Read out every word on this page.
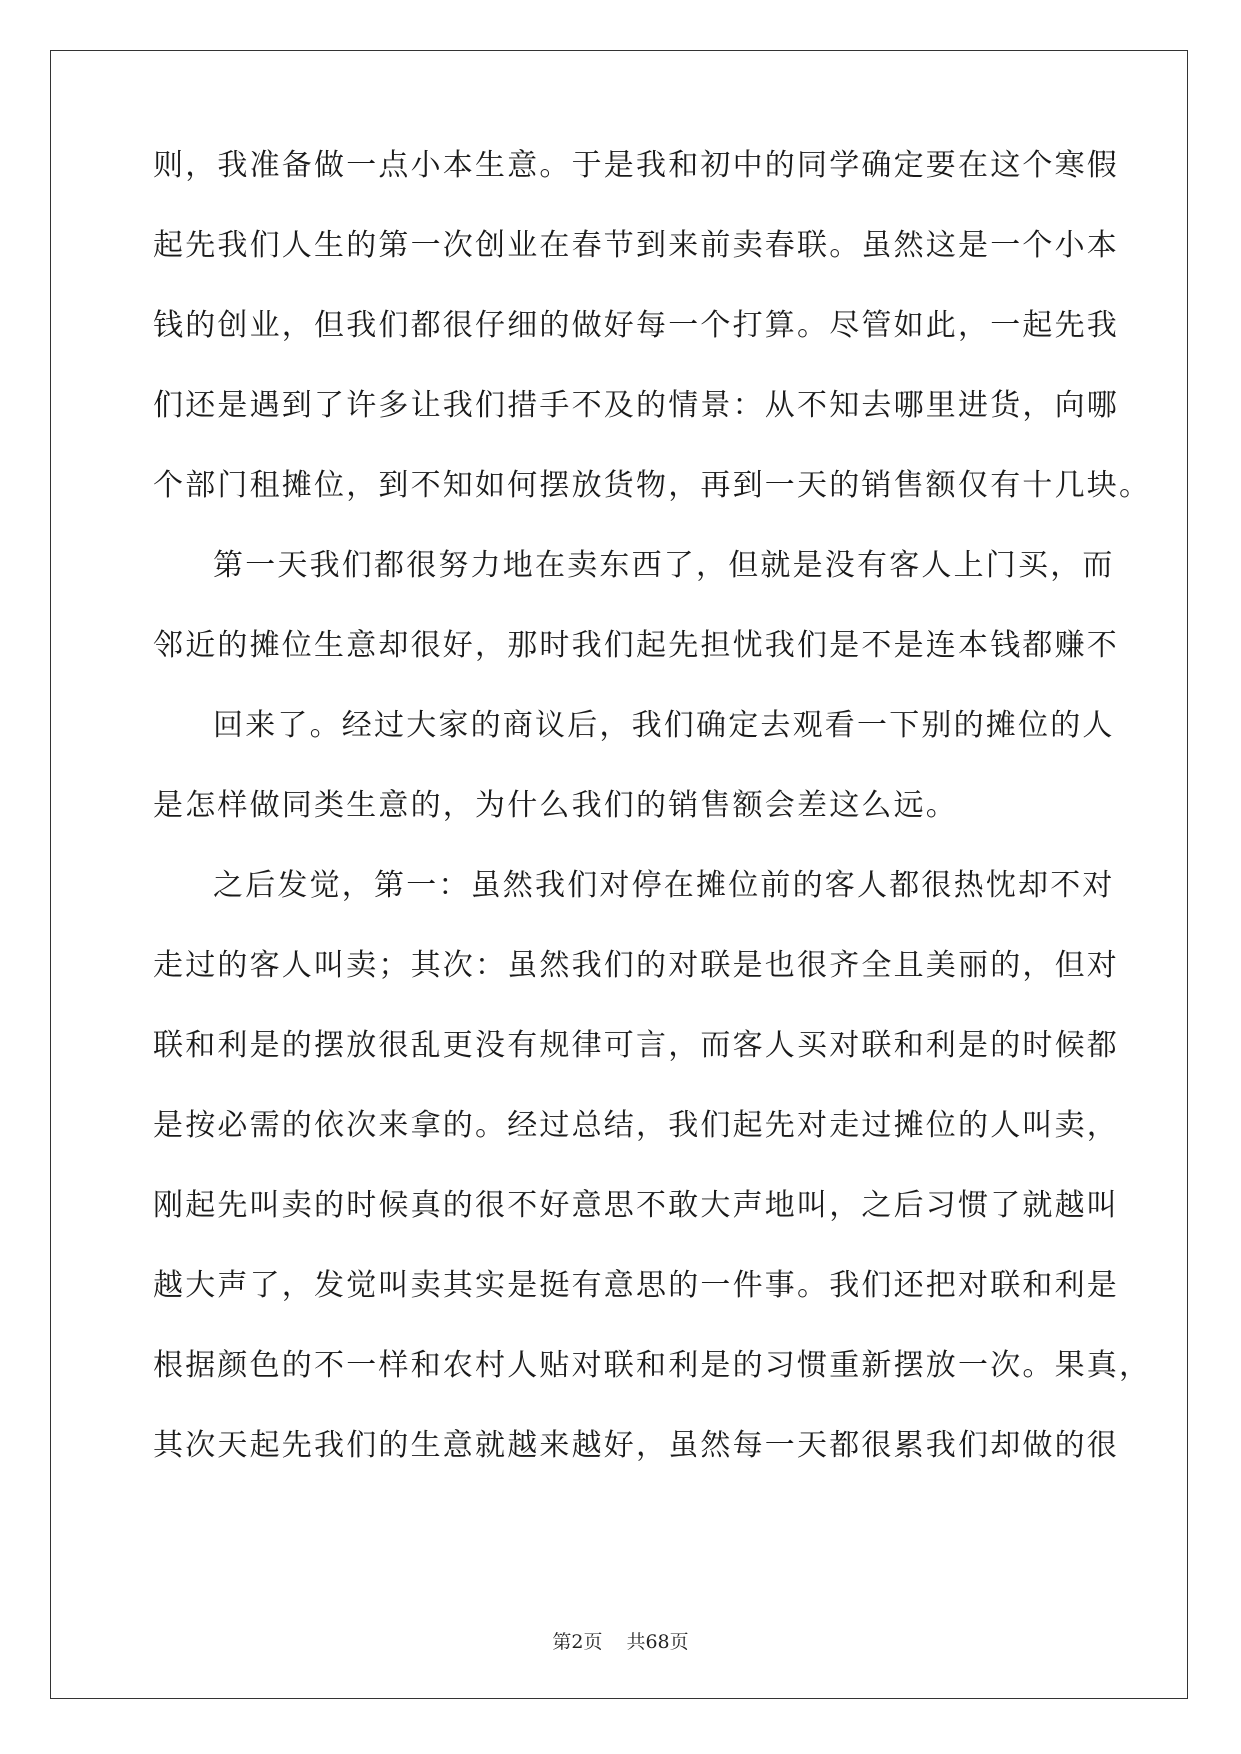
则，我准备做一点小本生意。于是我和初中的同学确定要在这个寒假
起先我们人生的第一次创业在春节到来前卖春联。虽然这是一个小本
钱的创业，但我们都很仔细的做好每一个打算。尽管如此，一起先我
们还是遇到了许多让我们措手不及的情景：从不知去哪里进货，向哪
个部门租摊位，到不知如何摆放货物，再到一天的销售额仅有十几块。
第一天我们都很努力地在卖东西了，但就是没有客人上门买，而
邻近的摊位生意却很好，那时我们起先担忧我们是不是连本钱都赚不
回来了。经过大家的商议后，我们确定去观看一下别的摊位的人
是怎样做同类生意的，为什么我们的销售额会差这么远。
之后发觉，第一：虽然我们对停在摊位前的客人都很热忱却不对
走过的客人叫卖；其次：虽然我们的对联是也很齐全且美丽的，但对
联和利是的摆放很乱更没有规律可言，而客人买对联和利是的时候都
是按必需的依次来拿的。经过总结，我们起先对走过摊位的人叫卖，
刚起先叫卖的时候真的很不好意思不敢大声地叫，之后习惯了就越叫
越大声了，发觉叫卖其实是挺有意思的一件事。我们还把对联和利是
根据颜色的不一样和农村人贴对联和利是的习惯重新摆放一次。果真，
其次天起先我们的生意就越来越好，虽然每一天都很累我们却做的很
第2页 共68页
